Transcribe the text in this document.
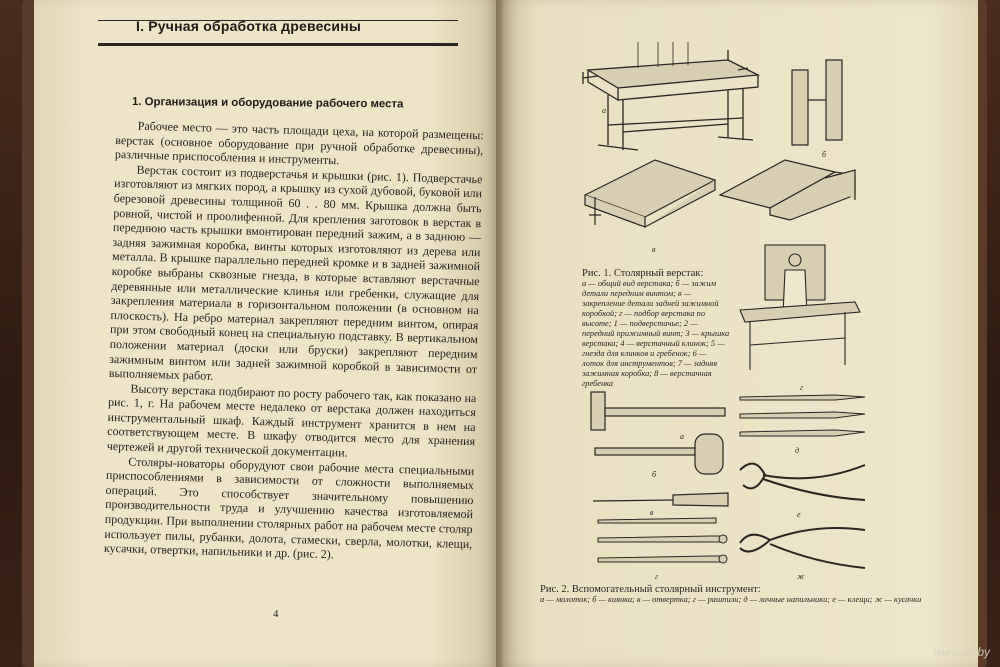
I. Ручная обработка древесины
1. Организация и оборудование рабочего места

Рабочее место — это часть площади цеха, на которой размещены: верстак (основное оборудование при ручной обработке древесины), различные приспособления и инструменты.

Верстак состоит из подверстачья и крышки (рис. 1). Подверстачье изготовляют из мягких пород, а крышку из сухой дубовой, буковой или березовой древесины толщиной 60 . . 80 мм. Крышка должна быть ровной, чистой и проолифенной. Для крепления заготовок в верстак в переднюю часть крышки вмонтирован передний зажим, а в заднюю — задняя зажимная коробка, винты которых изготовляют из дерева или металла. В крышке параллельно передней кромке и в задней зажимной коробке выбраны сквозные гнезда, в которые вставляют верстачные деревянные или металлические клинья или гребенки, служащие для закрепления материала в горизонтальном положении (в основном на плоскость). На ребро материал закрепляют передним винтом, опирая при этом свободный конец на специальную подставку. В вертикальном положении материал (доски или бруски) закрепляют передним зажимным винтом или задней зажимной коробкой в зависимости от выполняемых работ.

Высоту верстака подбирают по росту рабочего так, как показано на рис. 1, г. На рабочем месте недалеко от верстака должен находиться инструментальный шкаф. Каждый инструмент хранится в нем на соответствующем месте. В шкафу отводится место для хранения чертежей и другой технической документации.

Столяры-новаторы оборудуют свои рабочие места специальными приспособлениями в зависимости от сложности выполняемых операций. Это способствует значительному повышению производительности труда и улучшению качества изготовляемой продукции. При выполнении столярных работ на рабочем месте столяр использует пилы, рубанки, долота, стамески, сверла, молотки, клещи, кусачки, отвертки, напильники и др. (рис. 2).

4
б
а
в
г
Рис. 1. Столярный верстак:
а — общий вид верстака; б — зажим детали передним винтом; в — закрепление детали задней зажимной коробкой; г — подбор верстака по высоте; 1 — подверстачье; 2 — передний прижимный винт; 3 — крышка верстака; 4 — верстачный клинок; 5 — гнезда для клинков и гребенок; 6 — лоток для инструментов; 7 — задняя зажимная коробка; 8 — верстачная гребенка
а
б
в
г
д
е
ж
Рис. 2. Вспомогательный столярный инструмент:
а — молоток; б — киянка; в — отвертка; г — рашпили; д — личные напильники; е — клещи; ж — кусачки
www.ay.by
